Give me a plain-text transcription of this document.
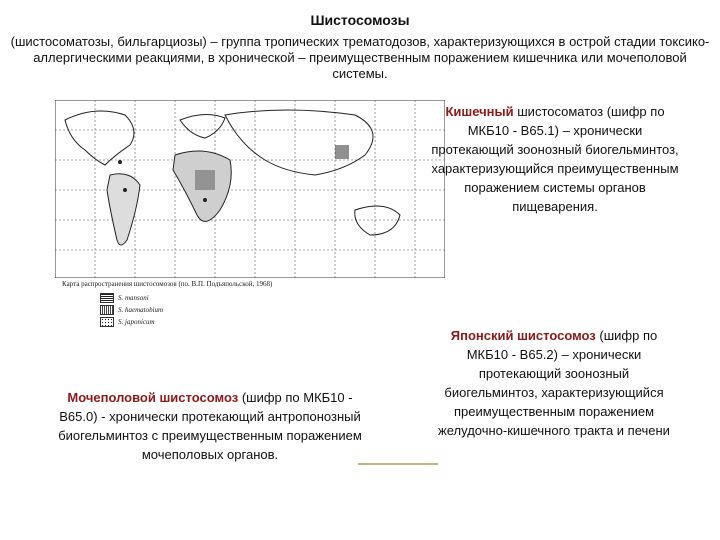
Шистосомозы
(шистосоматозы, бильгарциозы) – группа тропических трематодозов, характеризующихся в острой стадии токсико-аллергическими реакциями, в хронической – преимущественным поражением кишечника или мочеполовой системы.
Карта распространения шистосомозов (по. В.П. Подъяпольской, 1968)
S. mansoni
S. haematobium
S. japonicum
Кишечный шистосоматоз (шифр по МКБ10 - В65.1) – хронически протекающий зоонозный биогельминтоз, характеризующийся преимущественным поражением системы органов пищеварения.
Японский шистосомоз (шифр по МКБ10 - В65.2) – хронически протекающий зоонозный биогельминтоз, характеризующийся преимущественным поражением желудочно-кишечного тракта и печени
Мочеполовой шистосомоз (шифр по МКБ10 - В65.0) - хронически протекающий антропонозный биогельминтоз с преимущественным поражением мочеполовых органов.
